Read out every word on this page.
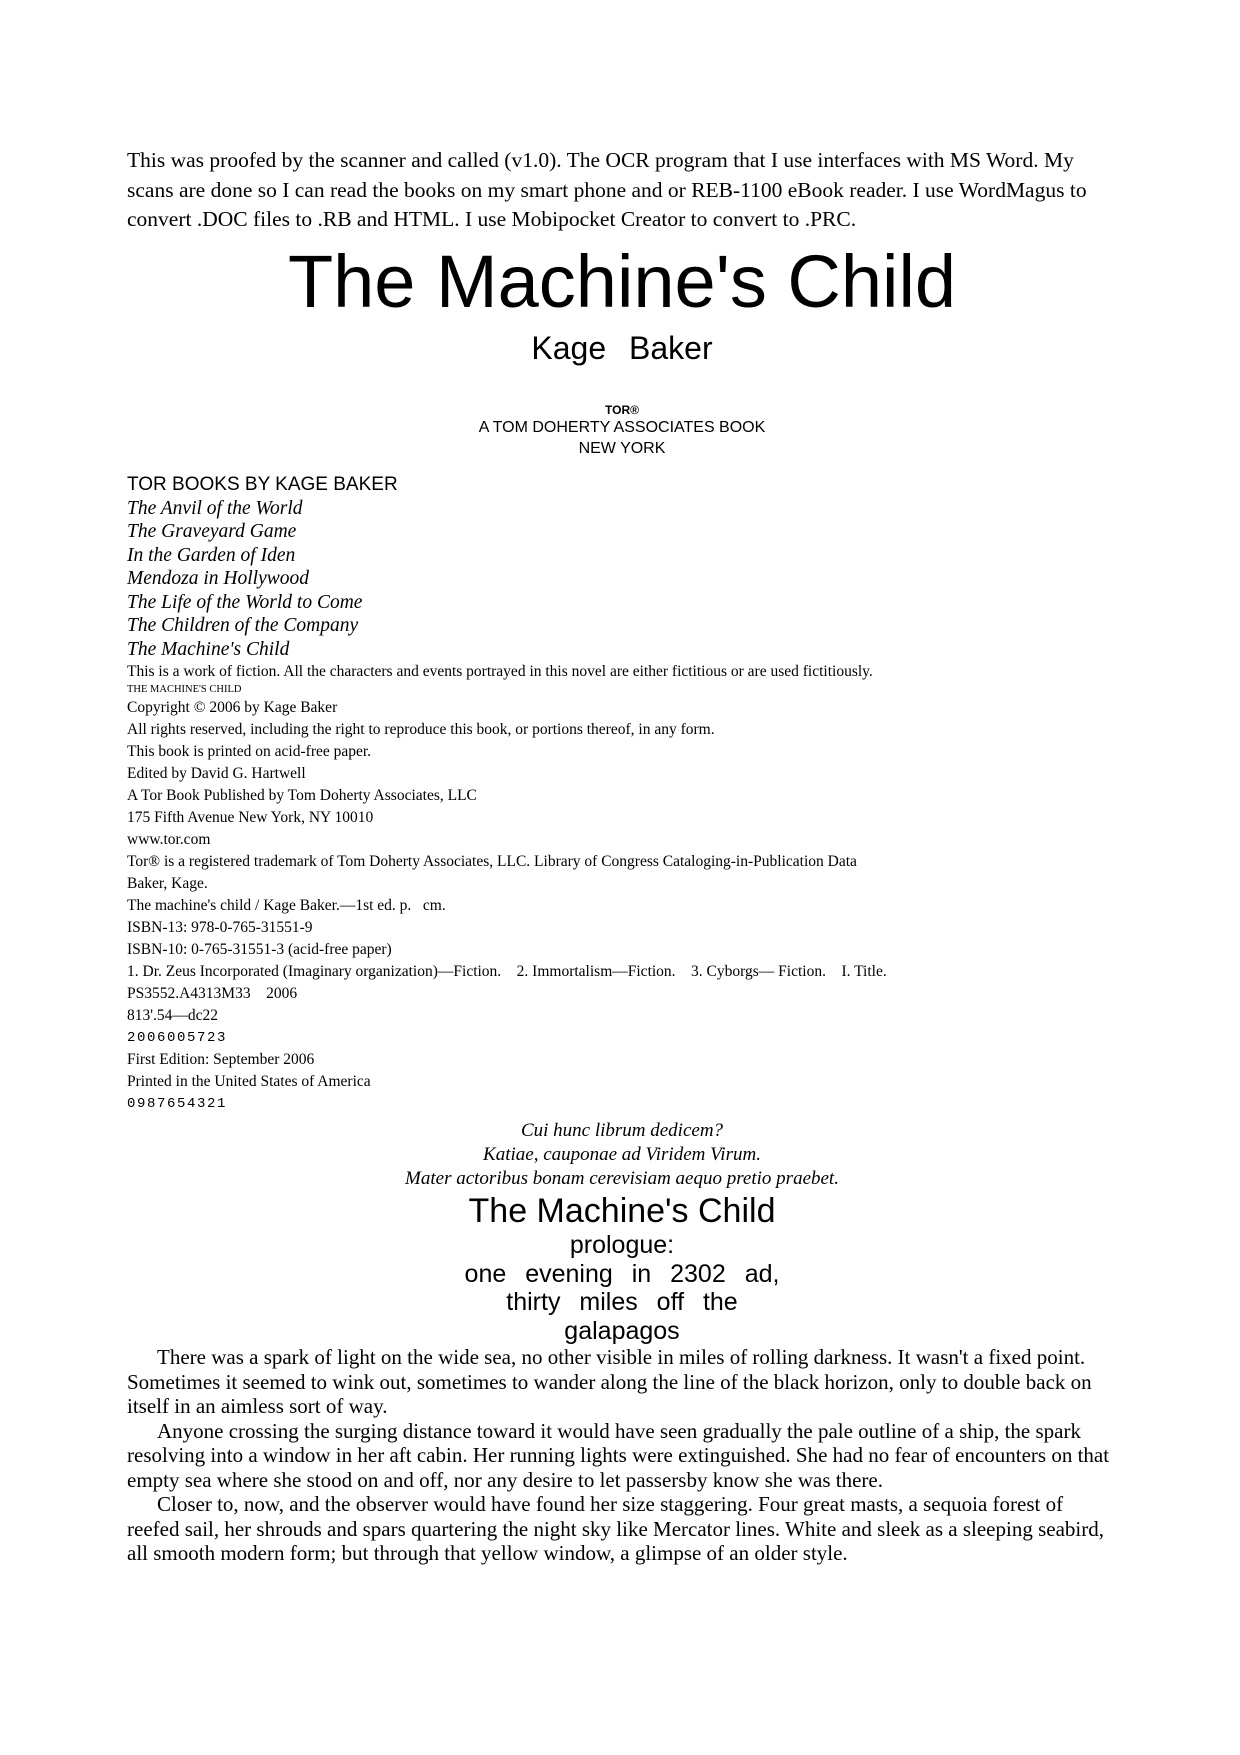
This was proofed by the scanner and called (v1.0). The OCR program that I use interfaces with MS Word. My scans are done so I can read the books on my smart phone and or REB-1100 eBook reader. I use WordMagus to convert .DOC files to .RB and HTML. I use Mobipocket Creator to convert to .PRC.

The Machine's Child
Kage Baker
TOR®
A TOM DOHERTY ASSOCIATES BOOK
NEW YORK
TOR BOOKS BY KAGE BAKER
The Anvil of the World
The Graveyard Game
In the Garden of Iden
Mendoza in Hollywood
The Life of the World to Come
The Children of the Company
The Machine's Child
This is a work of fiction. All the characters and events portrayed in this novel are either fictitious or are used fictitiously.
THE MACHINE'S CHILD
Copyright © 2006 by Kage Baker
All rights reserved, including the right to reproduce this book, or portions thereof, in any form.
This book is printed on acid-free paper.
Edited by David G. Hartwell
A Tor Book Published by Tom Doherty Associates, LLC
175 Fifth Avenue New York, NY 10010
www.tor.com
Tor® is a registered trademark of Tom Doherty Associates, LLC. Library of Congress Cataloging-in-Publication Data
Baker, Kage.
The machine's child / Kage Baker.—1st ed. p.   cm.
ISBN-13: 978-0-765-31551-9
ISBN-10: 0-765-31551-3 (acid-free paper)
1. Dr. Zeus Incorporated (Imaginary organization)—Fiction.    2. Immortalism—Fiction.    3. Cyborgs— Fiction.    I. Title.
PS3552.A4313M33    2006
813'.54—dc22
2006005723
First Edition: September 2006
Printed in the United States of America
0987654321
Cui hunc librum dedicem?
Katiae, cauponae ad Viridem Virum.
Mater actoribus bonam cerevisiam aequo pretio praebet.
The Machine's Child
prologue:
one evening in 2302 ad,
thirty miles off the
galapagos

There was a spark of light on the wide sea, no other visible in miles of rolling darkness. It wasn't a fixed point. Sometimes it seemed to wink out, sometimes to wander along the line of the black horizon, only to double back on itself in an aimless sort of way.

Anyone crossing the surging distance toward it would have seen gradually the pale outline of a ship, the spark resolving into a window in her aft cabin. Her running lights were extinguished. She had no fear of encounters on that empty sea where she stood on and off, nor any desire to let passersby know she was there.

Closer to, now, and the observer would have found her size staggering. Four great masts, a sequoia forest of reefed sail, her shrouds and spars quartering the night sky like Mercator lines. White and sleek as a sleeping seabird, all smooth modern form; but through that yellow window, a glimpse of an older style.
